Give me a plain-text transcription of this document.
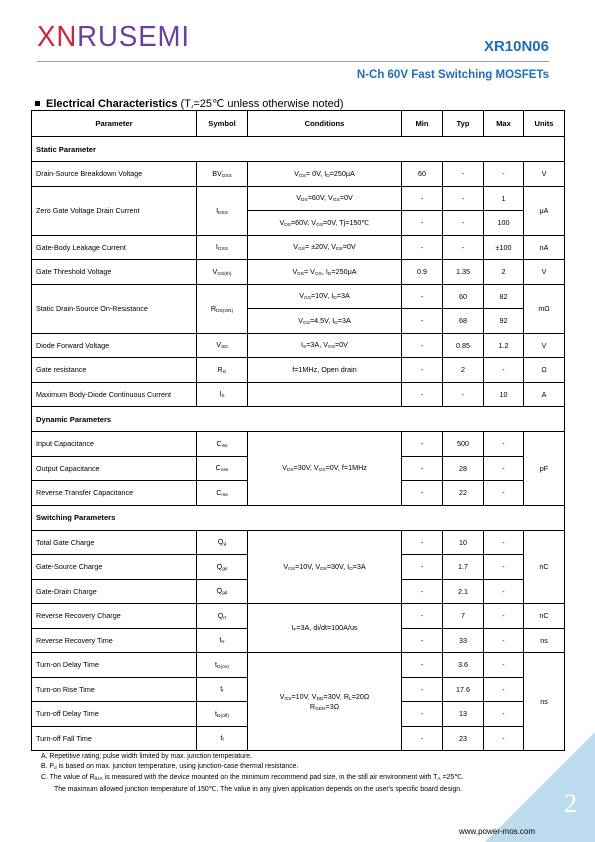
XNRUSEMI	XR10N06
N-Ch 60V Fast Switching MOSFETs
Electrical Characteristics ($T_J=25℃$ unless otherwise noted)
Parameter	Symbol	Conditions	Min	Typ	Max	Units
Static Parameter						
Drain-Source Breakdown Voltage	$BV_{DSS}$	$V_{GS}= 0V$, $I_D=250\mu A$	60	-	-	V
Zero Gate Voltage Drain Current	$I_{DSS}$	$V_{DS}=60V$, $V_{GS}=0V$	-	-	1	μA
		$V_{DS}=60V$, $V_{GS}=0V$, Tj=150℃	-	-	100	
Gate-Body Leakage Current	$I_{GSS}$	$V_{GS}= \pm 20V$, $V_{DS}=0V$	-	-	±100	nA
Gate Threshold Voltage	$V_{GS(th)}$	$V_{DS}= V_{GS}$, $I_D=250\mu A$	0.9	1.35	2	V
Static Drain-Source On-Resistance	$R_{DS(ON)}$	$V_{GS}=10V$, $I_D=3A$	-	60	82	mΩ
		$V_{GS}=4.5V$, $I_D=3A$	-	68	92	
Diode Forward Voltage	$V_{SD}$	$I_S=3A$, $V_{GS}=0V$	-	0.85	1.2	V
Gate resistance	$R_G$	f=1MHz, Open drain	-	2	-	Ω
Maximum Body-Diode Continuous Current	$I_S$		-	-	10	A
Dynamic Parameters						
Input Capacitance	$C_{iss}$	$V_{DS}=30V$, $V_{GS}=0V$, f=1MHz	-	500	-	pF
Output Capacitance	$C_{oss}$		-	28	-	
Reverse Transfer Capacitance	$C_{rss}$		-	22	-	
Switching Parameters						
Total Gate Charge	$Q_g$	$V_{GS}=10V$, $V_{DS}=30V$, $I_D=3A$	-	10	-	nC
Gate-Source Charge	$Q_{gs}$		-	1.7	-	
Gate-Drain Charge	$Q_{gd}$		-	2.1	-	
Reverse Recovery Charge	$Q_{rr}$	$I_F=3A$, di/dt=100A/us	-	7	-	nC
Reverse Recovery Time	$t_{rr}$		-	33	-	ns
Turn-on Delay Time	$t_{D(on)}$	$V_{GS}=10V$, $V_{DD}=30V$, $R_L=20\Omega$
$R_{GEN}=3\Omega$	-	3.6	-	ns
Turn-on Rise Time	$t_r$		-	17.6	-	
Turn-off Delay Time	$t_{D(off)}$		-	13	-	
Turn-off Fall Time	$t_f$		-	23	-	
A. Repetitive rating; pulse width limited by max. junction temperature.
B. $P_d$ is based on max. junction temperature, using junction-case thermal resistance.
C. The value of $R_{\theta JA}$ is measured with the device mounted on the minimum recommend pad size, in the still air environment with $T_A$ =25℃.
The maximum allowed junction temperature of 150℃. The value in any given application depends on the user's specific board design.	2
www.power-mos.com
